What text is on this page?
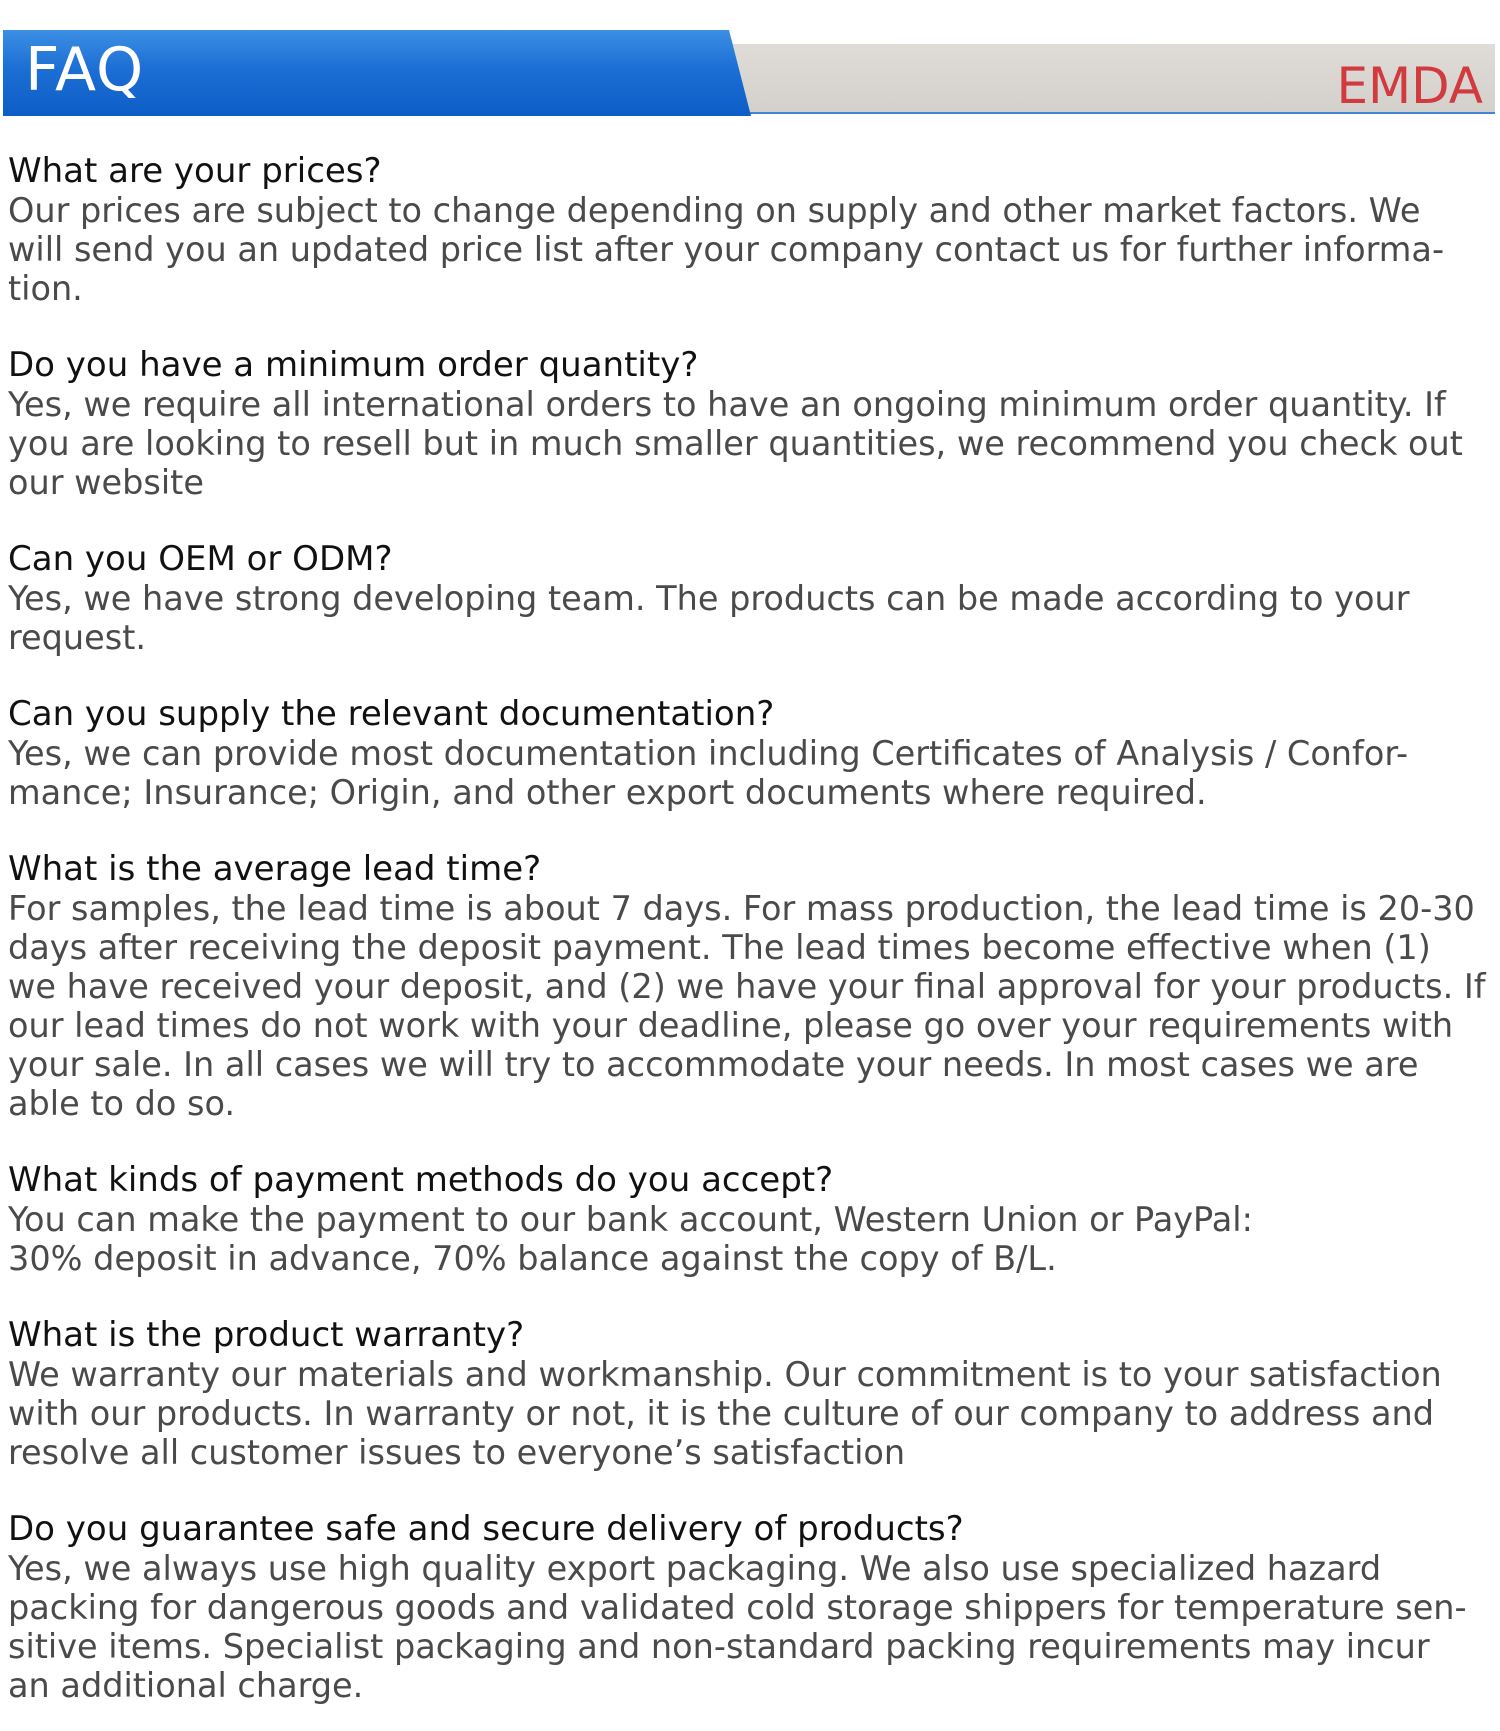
FAQ	EMDA

What are your prices?

Our prices are subject to change depending on supply and other market factors. We
will send you an updated price list after your company contact us for further informa-
tion.

Do you have a minimum order quantity?

Yes, we require all international orders to have an ongoing minimum order quantity. If
you are looking to resell but in much smaller quantities, we recommend you check out
our website

Can you OEM or ODM?

Yes, we have strong developing team. The products can be made according to your
request.

Can you supply the relevant documentation?

Yes, we can provide most documentation including Certificates of Analysis / Confor-
mance; Insurance; Origin, and other export documents where required.

What is the average lead time?

For samples, the lead time is about 7 days. For mass production, the lead time is 20-30
days after receiving the deposit payment. The lead times become effective when (1)
we have received your deposit, and (2) we have your final approval for your products. If
our lead times do not work with your deadline, please go over your requirements with
your sale. In all cases we will try to accommodate your needs. In most cases we are
able to do so.

What kinds of payment methods do you accept?

You can make the payment to our bank account, Western Union or PayPal:
30% deposit in advance, 70% balance against the copy of B/L.

What is the product warranty?

We warranty our materials and workmanship. Our commitment is to your satisfaction
with our products. In warranty or not, it is the culture of our company to address and
resolve all customer issues to everyone’s satisfaction

Do you guarantee safe and secure delivery of products?

Yes, we always use high quality export packaging. We also use specialized hazard
packing for dangerous goods and validated cold storage shippers for temperature sen-
sitive items. Specialist packaging and non-standard packing requirements may incur
an additional charge.
